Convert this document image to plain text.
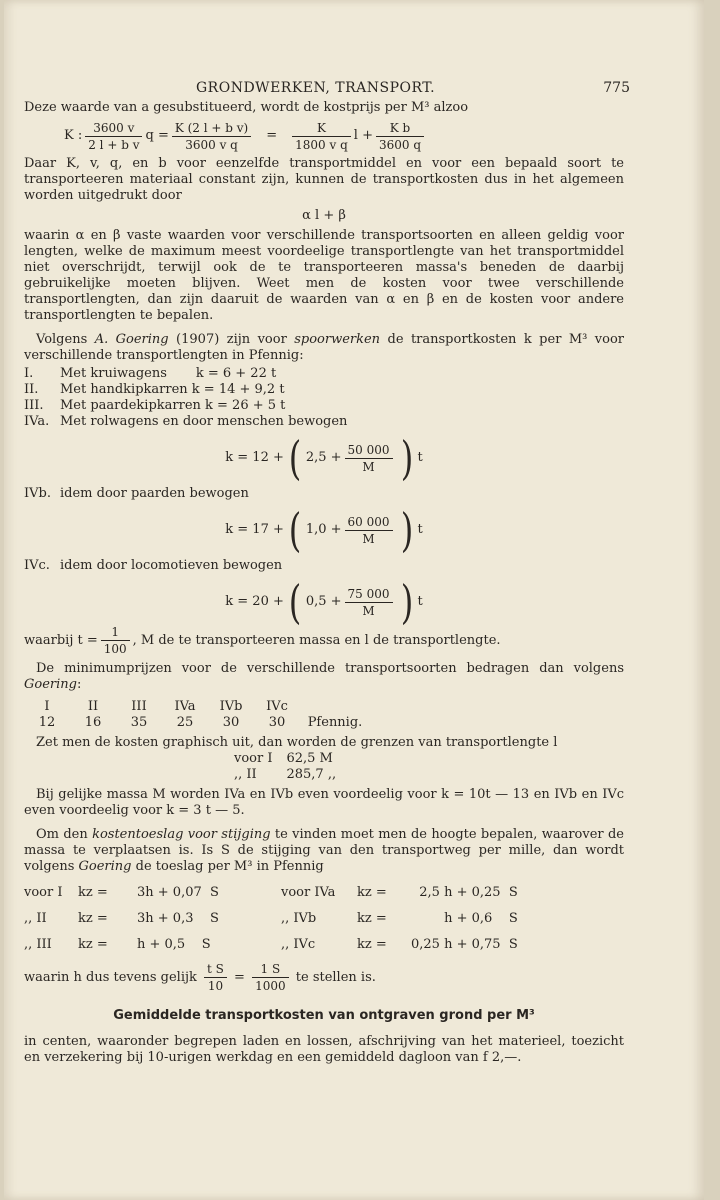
GRONDWERKEN, TRANSPORT.	775

Deze waarde van a gesubstitueerd, wordt de kostprijs per M³ alzoo

K : $\frac{3600 v}{\text{2 l + b v}}$ $q = \frac{\text{K (2 l + b v)}}{\text{3600 v q}} = \frac{K}{\text{1800 v q}}$ $l + \frac{\text{K b}}{3600 q}$

Daar K, v, q, en b voor eenzelfde transportmiddel en voor een bepaald soort te transporteeren materiaal constant zijn, kunnen de transportkosten dus in het algemeen worden uitgedrukt door

α l + β

waarin α en β vaste waarden voor verschillende transportsoorten en alleen geldig voor lengten, welke de maximum meest voordeelige transportlengte van het transportmiddel niet overschrijdt, terwijl ook de te transporteeren massa's beneden de daarbij gebruikelijke moeten blijven. Weet men de kosten voor twee verschillende transportlengten, dan zijn daaruit de waarden van α en β en de kosten voor andere transportlengten te bepalen.

Volgens A. Goering (1907) zijn voor spoorwerken de transportkosten k per M³ voor verschillende transportlengten in Pfennig:

I.	Met kruiwagens       k = 6 + 22 t
II.	Met handkipkarren k = 14 + 9,2 t
III.	Met paardekipkarren k = 26 + 5 t
IVa.	Met rolwagens en door menschen bewogen
k = 12 + ( $2,5 + \frac{50 000}{M}$ ) t
IVb.	idem door paarden bewogen
k = 17 + ( $1,0 + \frac{60 000}{M}$ ) t
IVc.	idem door locomotieven bewogen
k = 20 + ( $0,5 + \frac{75 000}{M}$ ) t

waarbij $t = \frac{1}{100}$ , M de te transporteeren massa en l de transportlengte.

De minimumprijzen voor de verschillende transportsoorten bedragen dan volgens Goering:

I	II	III	IVa	IVb	IVc	
12	16	35	25	30	30	Pfennig.

Zet men de kosten graphisch uit, dan worden de grenzen van transportlengte l

voor I	62,5 M
,, II	285,7 ,,

Bij gelijke massa M worden IVa en IVb even voordeelig voor k = 10t — 13 en IVb en IVc even voordeelig voor k = 3 t — 5.

Om den kostentoeslag voor stijging te vinden moet men de hoogte bepalen, waarover de massa te verplaatsen is. Is S de stijging van den transportweg per mille, dan wordt volgens Goering de toeslag per M³ in Pfennig

voor I	kz =	3h + 0,07  S	voor IVa	kz =	2,5 h + 0,25  S
,, II	kz =	3h + 0,3    S	,, IVb	kz =	h + 0,6    S
,, III	kz =	h + 0,5    S	,, IVc	kz =	0,25 h + 0,75  S

waarin h dus tevens gelijk $\frac{\text{t S}}{10} = \frac{1 S}{1000}$ te stellen is.

Gemiddelde transportkosten van ontgraven grond per M³

in centen, waaronder begrepen laden en lossen, afschrijving van het materieel, toezicht en verzekering bij 10-urigen werkdag en een gemiddeld dagloon van f 2,—.
